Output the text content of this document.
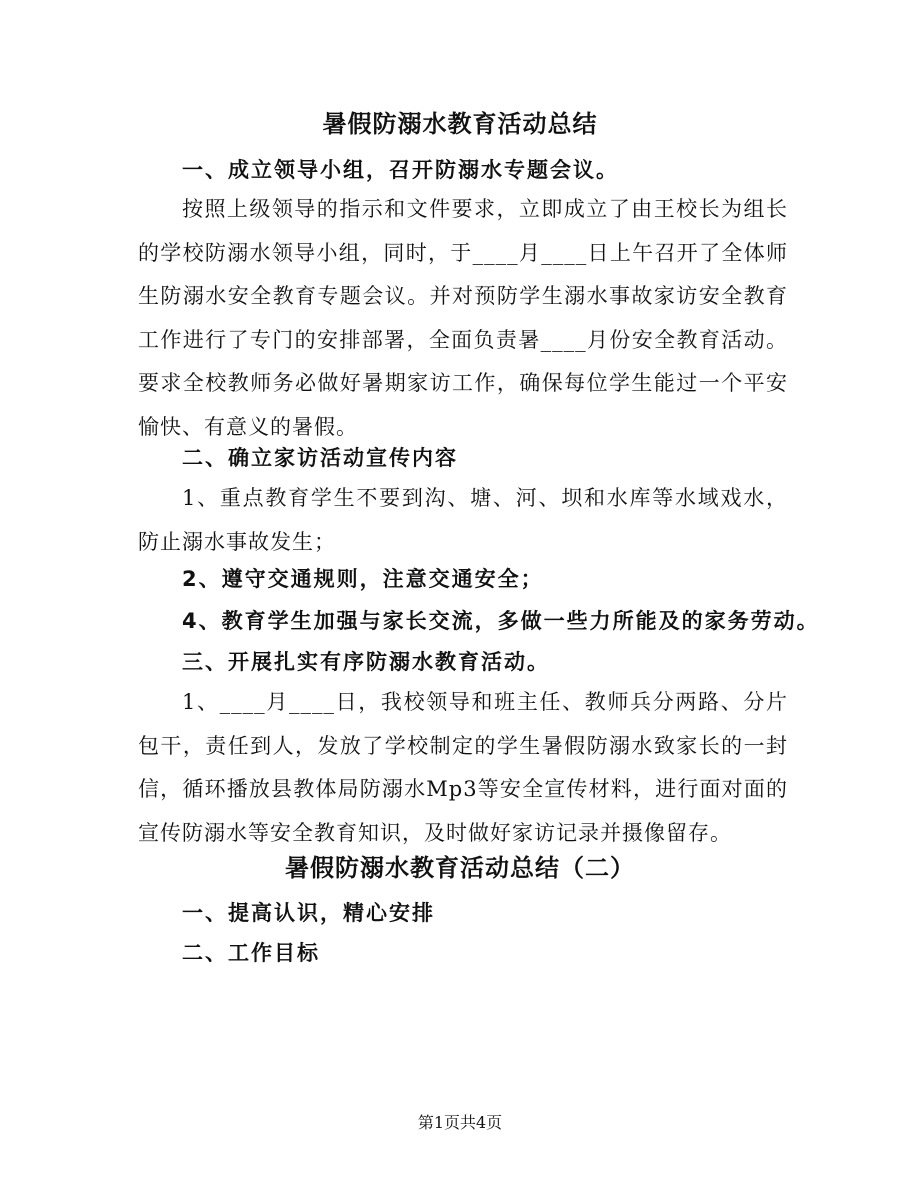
暑假防溺水教育活动总结
一、成立领导小组，召开防溺水专题会议。
按照上级领导的指示和文件要求，立即成立了由王校长为组长的学校防溺水领导小组，同时，于____月____日上午召开了全体师生防溺水安全教育专题会议。并对预防学生溺水事故家访安全教育工作进行了专门的安排部署，全面负责暑____月份安全教育活动。要求全校教师务必做好暑期家访工作，确保每位学生能过一个平安愉快、有意义的暑假。
二、确立家访活动宣传内容
1、重点教育学生不要到沟、塘、河、坝和水库等水域戏水，防止溺水事故发生；
2、遵守交通规则，注意交通安全；
4、教育学生加强与家长交流，多做一些力所能及的家务劳动。
三、开展扎实有序防溺水教育活动。
1、____月____日，我校领导和班主任、教师兵分两路、分片包干，责任到人，发放了学校制定的学生暑假防溺水致家长的一封信，循环播放县教体局防溺水Mp3等安全宣传材料，进行面对面的宣传防溺水等安全教育知识，及时做好家访记录并摄像留存。
暑假防溺水教育活动总结（二）
一、提高认识，精心安排
二、工作目标
第1页共4页
